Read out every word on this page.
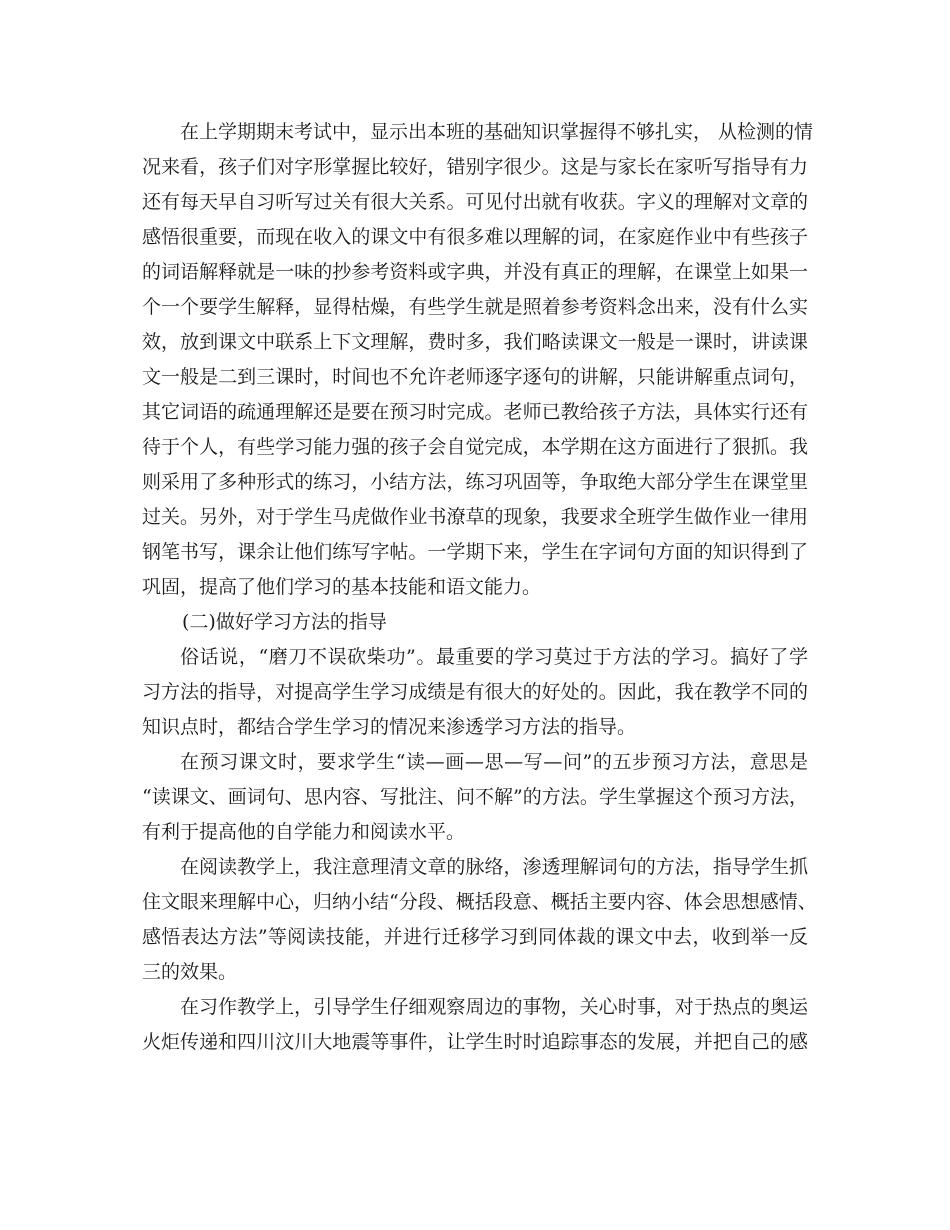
在上学期期末考试中，显示出本班的基础知识掌握得不够扎实， 从检测的情
况来看，孩子们对字形掌握比较好，错别字很少。这是与家长在家听写指导有力
还有每天早自习听写过关有很大关系。可见付出就有收获。字义的理解对文章的
感悟很重要，而现在收入的课文中有很多难以理解的词，在家庭作业中有些孩子
的词语解释就是一味的抄参考资料或字典，并没有真正的理解，在课堂上如果一
个一个要学生解释，显得枯燥，有些学生就是照着参考资料念出来，没有什么实
效，放到课文中联系上下文理解，费时多，我们略读课文一般是一课时，讲读课
文一般是二到三课时，时间也不允许老师逐字逐句的讲解，只能讲解重点词句，
其它词语的疏通理解还是要在预习时完成。老师已教给孩子方法，具体实行还有
待于个人，有些学习能力强的孩子会自觉完成，本学期在这方面进行了狠抓。我
则采用了多种形式的练习，小结方法，练习巩固等，争取绝大部分学生在课堂里
过关。另外，对于学生马虎做作业书潦草的现象，我要求全班学生做作业一律用
钢笔书写，课余让他们练写字帖。一学期下来，学生在字词句方面的知识得到了
巩固，提高了他们学习的基本技能和语文能力。
(二)做好学习方法的指导
俗话说，“磨刀不误砍柴功”。最重要的学习莫过于方法的学习。搞好了学
习方法的指导，对提高学生学习成绩是有很大的好处的。因此，我在教学不同的
知识点时，都结合学生学习的情况来渗透学习方法的指导。
在预习课文时，要求学生“读—画—思—写—问”的五步预习方法，意思是
“读课文、画词句、思内容、写批注、问不解”的方法。学生掌握这个预习方法，
有利于提高他的自学能力和阅读水平。
在阅读教学上，我注意理清文章的脉络，渗透理解词句的方法，指导学生抓
住文眼来理解中心，归纳小结“分段、概括段意、概括主要内容、体会思想感情、
感悟表达方法”等阅读技能，并进行迁移学习到同体裁的课文中去，收到举一反
三的效果。
在习作教学上，引导学生仔细观察周边的事物，关心时事，对于热点的奥运
火炬传递和四川汶川大地震等事件，让学生时时追踪事态的发展，并把自己的感
